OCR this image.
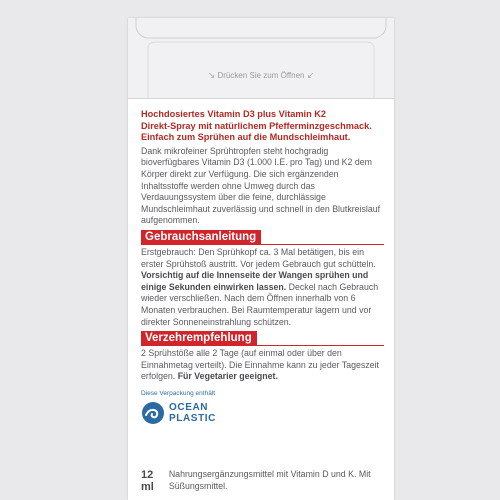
↘ Drücken Sie zum Öffnen ↙
Hochdosiertes Vitamin D3 plus Vitamin K2
Direkt-Spray mit natürlichem Pfefferminzgeschmack.
Einfach zum Sprühen auf die Mundschleimhaut.
Dank mikrofeiner Sprühtropfen steht hochgradig bioverfügbares Vitamin D3 (1.000 I.E. pro Tag) und K2 dem Körper direkt zur Verfügung. Die sich ergänzenden Inhaltsstoffe werden ohne Umweg durch das Verdauungssystem über die feine, durchlässige Mundschleimhaut zuverlässig und schnell in den Blutkreislauf aufgenommen.
Gebrauchsanleitung
Erstgebrauch: Den Sprühkopf ca. 3 Mal betätigen, bis ein erster Sprühstoß austritt. Vor jedem Gebrauch gut schütteln. Vorsichtig auf die Innenseite der Wangen sprühen und einige Sekunden einwirken lassen. Deckel nach Gebrauch wieder verschließen. Nach dem Öffnen innerhalb von 6 Monaten verbrauchen. Bei Raumtemperatur lagern und vor direkter Sonneneinstrahlung schützen.
Verzehrempfehlung
2 Sprühstöße alle 2 Tage (auf einmal oder über den Einnahmetag verteilt). Die Einnahme kann zu jeder Tageszeit erfolgen. Für Vegetarier geeignet.
Diese Verpackung enthält
OCEAN
PLASTIC
12 ml
Nahrungsergänzungsmittel mit Vitamin D und K. Mit Süßungsmittel.
